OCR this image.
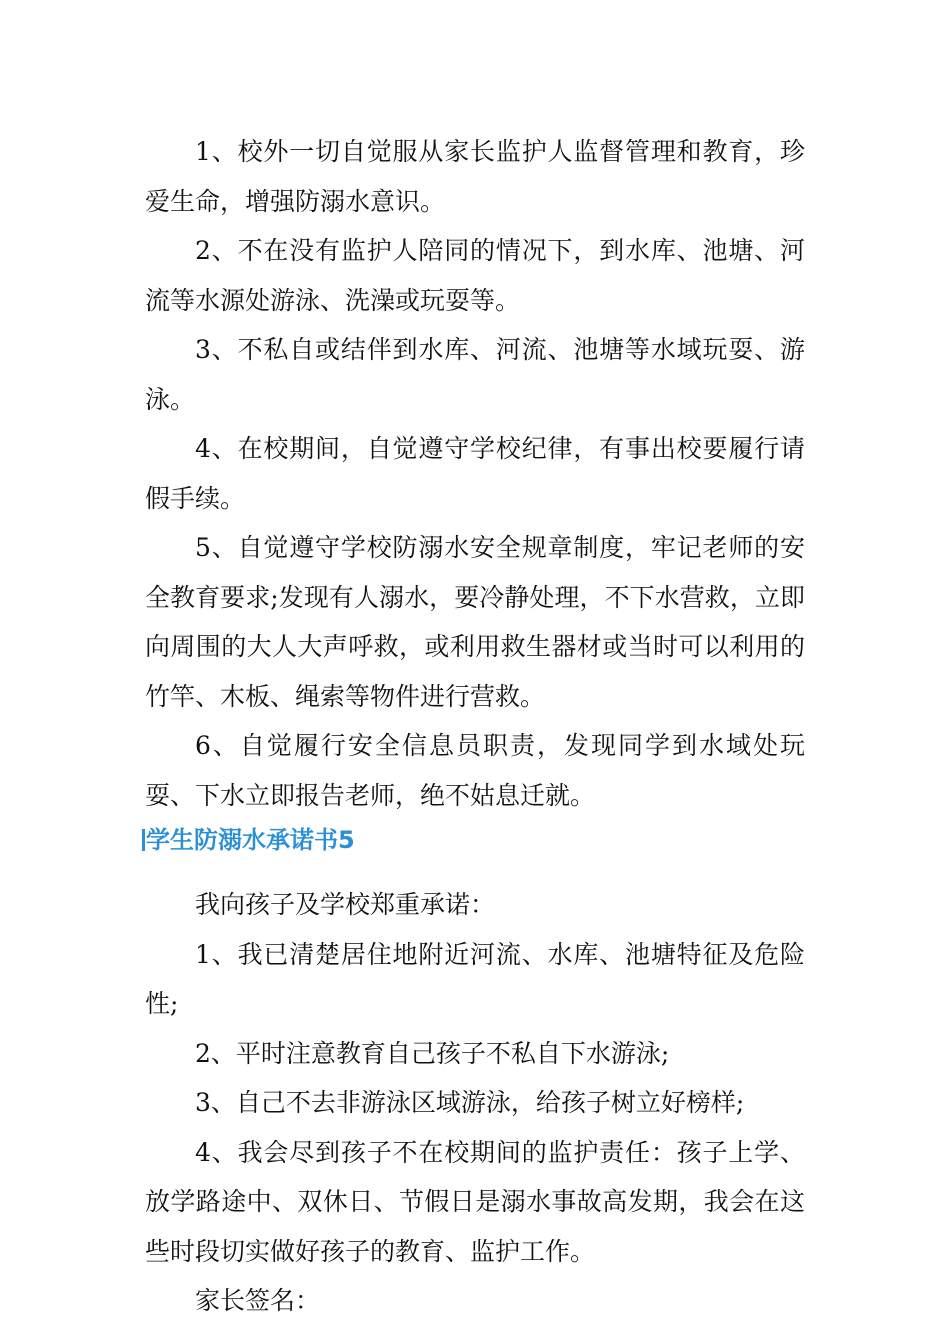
1、校外一切自觉服从家长监护人监督管理和教育，珍爱生命，增强防溺水意识。

2、不在没有监护人陪同的情况下，到水库、池塘、河流等水源处游泳、洗澡或玩耍等。

3、不私自或结伴到水库、河流、池塘等水域玩耍、游泳。

4、在校期间，自觉遵守学校纪律，有事出校要履行请假手续。

5、自觉遵守学校防溺水安全规章制度，牢记老师的安全教育要求;发现有人溺水，要冷静处理，不下水营救，立即向周围的大人大声呼救，或利用救生器材或当时可以利用的竹竿、木板、绳索等物件进行营救。

6、自觉履行安全信息员职责，发现同学到水域处玩耍、下水立即报告老师，绝不姑息迁就。

学生防溺水承诺书5

我向孩子及学校郑重承诺：

1、我已清楚居住地附近河流、水库、池塘特征及危险性;

2、平时注意教育自己孩子不私自下水游泳;

3、自己不去非游泳区域游泳，给孩子树立好榜样;

4、我会尽到孩子不在校期间的监护责任：孩子上学、放学路途中、双休日、节假日是溺水事故高发期，我会在这些时段切实做好孩子的教育、监护工作。

家长签名：
